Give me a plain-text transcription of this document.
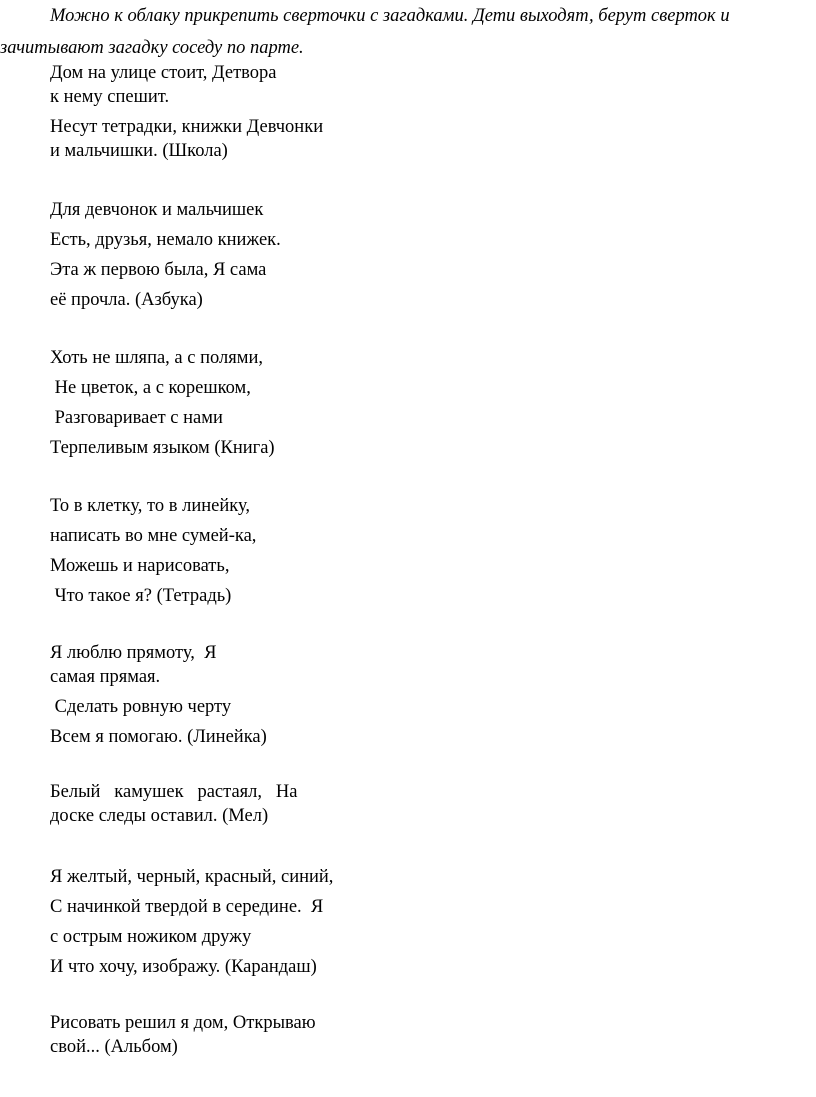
Можно к облаку прикрепить сверточки с загадками. Дети выходят, берут сверток и
зачитывают загадку соседу по парте.
Дом на улице стоит, Детвора
к нему спешит.
Несут тетрадки, книжки Девчонки
и мальчишки. (Школа)
Для девчонок и мальчишек
Есть, друзья, немало книжек.
Эта ж первою была, Я сама
её прочла. (Азбука)
Хоть не шляпа, а с полями,
Не цветок, а с корешком,
Разговаривает с нами
Терпеливым языком (Книга)
То в клетку, то в линейку,
написать во мне сумей-ка,
Можешь и нарисовать,
Что такое я? (Тетрадь)
Я люблю прямоту,  Я
самая прямая.
Сделать ровную черту
Всем я помогаю. (Линейка)
Белый   камушек   растаял,   На
доске следы оставил. (Мел)
Я желтый, черный, красный, синий,
С начинкой твердой в середине.  Я
с острым ножиком дружу
И что хочу, изображу. (Карандаш)
Рисовать решил я дом, Открываю
свой... (Альбом)
